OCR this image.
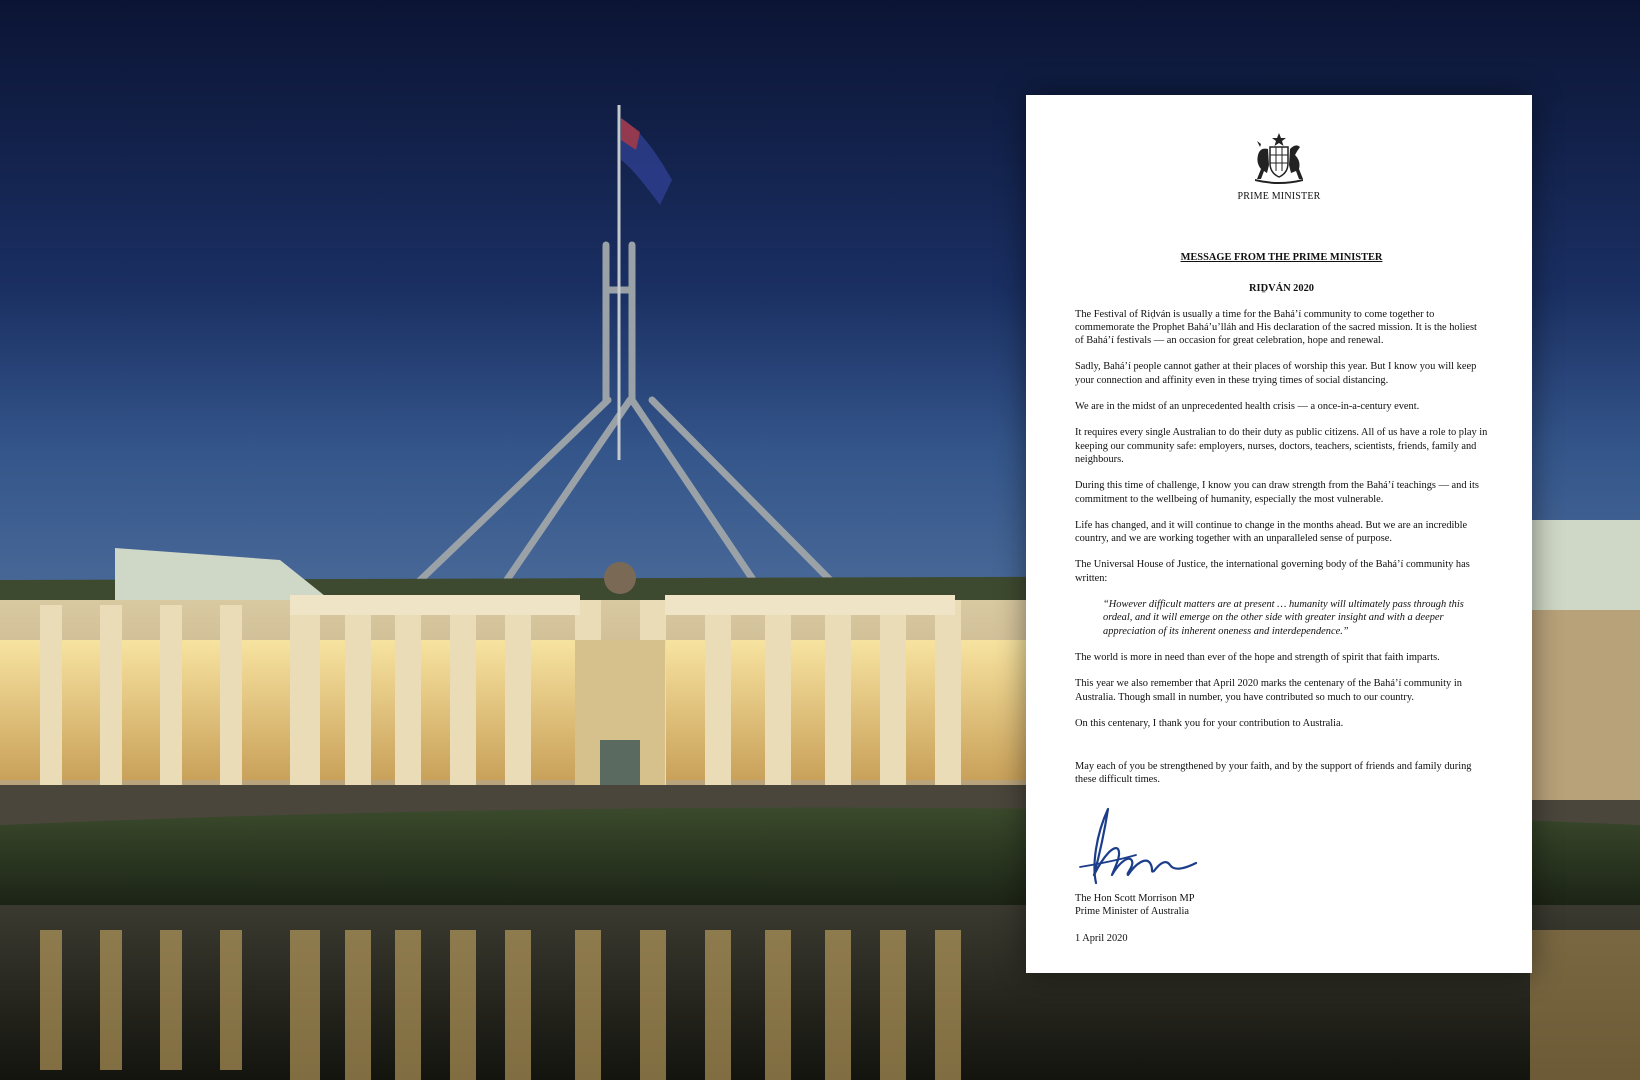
PRIME MINISTER
MESSAGE FROM THE PRIME MINISTER
RIḎVÁN 2020
The Festival of Riḍván is usually a time for the Bahá’í community to come together to commemorate the Prophet Bahá’u’lláh and His declaration of the sacred mission. It is the holiest of Bahá’í festivals — an occasion for great celebration, hope and renewal.
Sadly, Bahá’í people cannot gather at their places of worship this year. But I know you will keep your connection and affinity even in these trying times of social distancing.
We are in the midst of an unprecedented health crisis — a once-in-a-century event.
It requires every single Australian to do their duty as public citizens. All of us have a role to play in keeping our community safe: employers, nurses, doctors, teachers, scientists, friends, family and neighbours.
During this time of challenge, I know you can draw strength from the Bahá’í teachings — and its commitment to the wellbeing of humanity, especially the most vulnerable.
Life has changed, and it will continue to change in the months ahead. But we are an incredible country, and we are working together with an unparalleled sense of purpose.
The Universal House of Justice, the international governing body of the Bahá’í community has written:
“However difficult matters are at present … humanity will ultimately pass through this ordeal, and it will emerge on the other side with greater insight and with a deeper appreciation of its inherent oneness and interdependence.”
The world is more in need than ever of the hope and strength of spirit that faith imparts.
This year we also remember that April 2020 marks the centenary of the Bahá’í community in Australia. Though small in number, you have contributed so much to our country.
On this centenary, I thank you for your contribution to Australia.
May each of you be strengthened by your faith, and by the support of friends and family during these difficult times.
The Hon Scott Morrison MP
Prime Minister of Australia
1 April 2020
